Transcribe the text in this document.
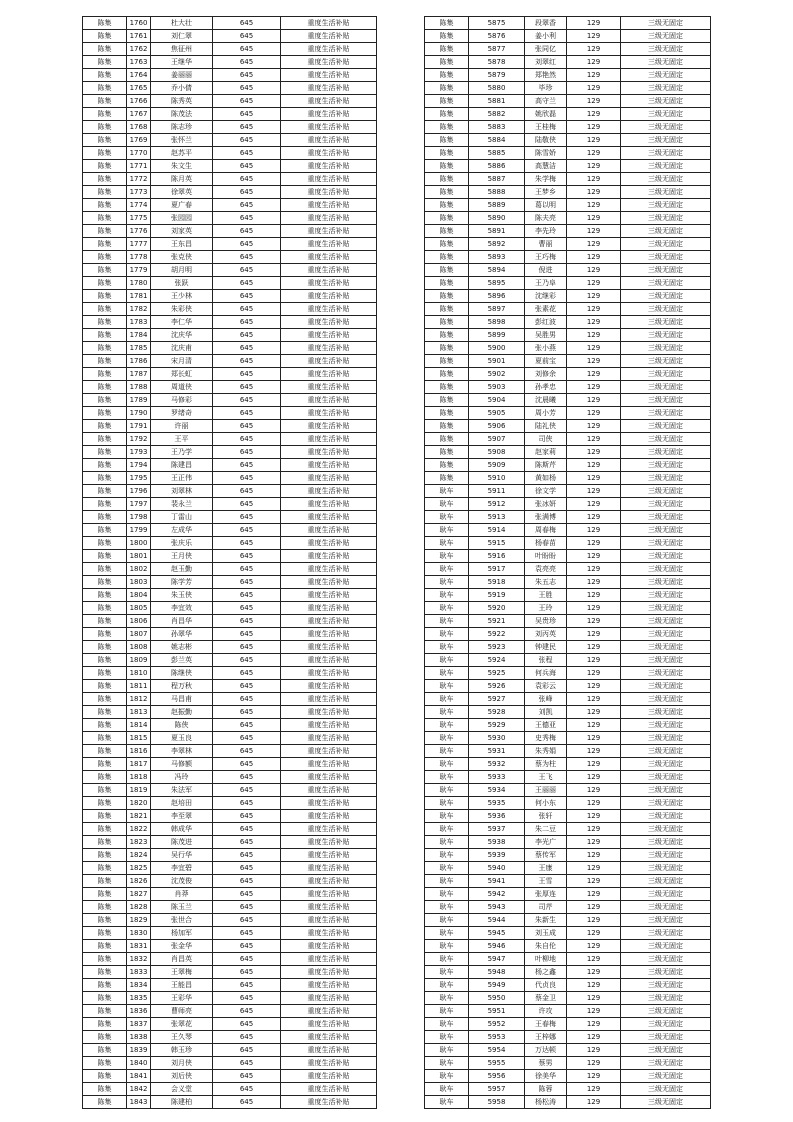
陈集	1760	杜大壮	645	重度生活补贴
陈集	1761	刘仁翠	645	重度生活补贴
陈集	1762	焦征州	645	重度生活补贴
陈集	1763	王继华	645	重度生活补贴
陈集	1764	姜丽丽	645	重度生活补贴
陈集	1765	乔小倩	645	重度生活补贴
陈集	1766	陈秀英	645	重度生活补贴
陈集	1767	陈茂法	645	重度生活补贴
陈集	1768	陈志珍	645	重度生活补贴
陈集	1769	张怀兰	645	重度生活补贴
陈集	1770	赵苏平	645	重度生活补贴
陈集	1771	朱文生	645	重度生活补贴
陈集	1772	陈月英	645	重度生活补贴
陈集	1773	徐翠英	645	重度生活补贴
陈集	1774	夏广春	645	重度生活补贴
陈集	1775	张园园	645	重度生活补贴
陈集	1776	刘家英	645	重度生活补贴
陈集	1777	王东昌	645	重度生活补贴
陈集	1778	张克侠	645	重度生活补贴
陈集	1779	胡月明	645	重度生活补贴
陈集	1780	张跃	645	重度生活补贴
陈集	1781	王少林	645	重度生活补贴
陈集	1782	朱彩侠	645	重度生活补贴
陈集	1783	李仁华	645	重度生活补贴
陈集	1784	沈庆华	645	重度生活补贴
陈集	1785	沈庆甫	645	重度生活补贴
陈集	1786	宋月清	645	重度生活补贴
陈集	1787	郑长虹	645	重度生活补贴
陈集	1788	周道侠	645	重度生活补贴
陈集	1789	马修彩	645	重度生活补贴
陈集	1790	罗绪奇	645	重度生活补贴
陈集	1791	许丽	645	重度生活补贴
陈集	1792	王平	645	重度生活补贴
陈集	1793	王乃学	645	重度生活补贴
陈集	1794	陈建昌	645	重度生活补贴
陈集	1795	王正伟	645	重度生活补贴
陈集	1796	刘翠林	645	重度生活补贴
陈集	1797	裴永兰	645	重度生活补贴
陈集	1798	丁雷山	645	重度生活补贴
陈集	1799	左成华	645	重度生活补贴
陈集	1800	张庆乐	645	重度生活补贴
陈集	1801	王月侠	645	重度生活补贴
陈集	1802	赵玉勤	645	重度生活补贴
陈集	1803	陈学芳	645	重度生活补贴
陈集	1804	朱玉侠	645	重度生活补贴
陈集	1805	李宜效	645	重度生活补贴
陈集	1806	肖昌华	645	重度生活补贴
陈集	1807	孙翠华	645	重度生活补贴
陈集	1808	姚志彬	645	重度生活补贴
陈集	1809	彭兰英	645	重度生活补贴
陈集	1810	陈继侠	645	重度生活补贴
陈集	1811	程万秋	645	重度生活补贴
陈集	1812	马昌甫	645	重度生活补贴
陈集	1813	赵振勤	645	重度生活补贴
陈集	1814	陈侠	645	重度生活补贴
陈集	1815	夏玉良	645	重度生活补贴
陈集	1816	李翠林	645	重度生活补贴
陈集	1817	马修额	645	重度生活补贴
陈集	1818	冯玲	645	重度生活补贴
陈集	1819	朱法军	645	重度生活补贴
陈集	1820	赵培田	645	重度生活补贴
陈集	1821	李至翠	645	重度生活补贴
陈集	1822	韩成华	645	重度生活补贴
陈集	1823	陈茂进	645	重度生活补贴
陈集	1824	吴行华	645	重度生活补贴
陈集	1825	李宜碧	645	重度生活补贴
陈集	1826	沈茂俊	645	重度生活补贴
陈集	1827	肖莽	645	重度生活补贴
陈集	1828	陈玉兰	645	重度生活补贴
陈集	1829	张世合	645	重度生活补贴
陈集	1830	杨加军	645	重度生活补贴
陈集	1831	张金华	645	重度生活补贴
陈集	1832	肖昌英	645	重度生活补贴
陈集	1833	王翠梅	645	重度生活补贴
陈集	1834	王能昌	645	重度生活补贴
陈集	1835	王彩华	645	重度生活补贴
陈集	1836	曹师亮	645	重度生活补贴
陈集	1837	张翠花	645	重度生活补贴
陈集	1838	王久琴	645	重度生活补贴
陈集	1839	韩玉珍	645	重度生活补贴
陈集	1840	刘月侠	645	重度生活补贴
陈集	1841	刘后侠	645	重度生活补贴
陈集	1842	会义堂	645	重度生活补贴
陈集	1843	陈建柏	645	重度生活补贴
陈集	5875	段翠香	129	三级无固定
陈集	5876	姜小利	129	三级无固定
陈集	5877	张同亿	129	三级无固定
陈集	5878	刘翠红	129	三级无固定
陈集	5879	郑艳然	129	三级无固定
陈集	5880	毕珍	129	三级无固定
陈集	5881	高守兰	129	三级无固定
陈集	5882	姚欣磊	129	三级无固定
陈集	5883	王桂梅	129	三级无固定
陈集	5884	陆敬侠	129	三级无固定
陈集	5885	陈雪娇	129	三级无固定
陈集	5886	高慧洁	129	三级无固定
陈集	5887	朱学梅	129	三级无固定
陈集	5888	王梦乡	129	三级无固定
陈集	5889	葛以明	129	三级无固定
陈集	5890	陈夫亮	129	三级无固定
陈集	5891	李先玲	129	三级无固定
陈集	5892	曹丽	129	三级无固定
陈集	5893	王巧梅	129	三级无固定
陈集	5894	倪进	129	三级无固定
陈集	5895	王乃阜	129	三级无固定
陈集	5896	沈继彩	129	三级无固定
陈集	5897	张素花	129	三级无固定
陈集	5898	彭红波	129	三级无固定
陈集	5899	吴胜男	129	三级无固定
陈集	5900	张小燕	129	三级无固定
陈集	5901	夏前宝	129	三级无固定
陈集	5902	刘修余	129	三级无固定
陈集	5903	孙孝忠	129	三级无固定
陈集	5904	沈晨曦	129	三级无固定
陈集	5905	周小芳	129	三级无固定
陈集	5906	陆礼侠	129	三级无固定
陈集	5907	司侠	129	三级无固定
陈集	5908	赵家莉	129	三级无固定
陈集	5909	陈斯芹	129	三级无固定
陈集	5910	黄如杨	129	三级无固定
耿车	5911	徐文学	129	三级无固定
耿车	5912	张冰妍	129	三级无固定
耿车	5913	张满博	129	三级无固定
耿车	5914	周春梅	129	三级无固定
耿车	5915	杨春苗	129	三级无固定
耿车	5916	叶盼盼	129	三级无固定
耿车	5917	袁亮亮	129	三级无固定
耿车	5918	朱五志	129	三级无固定
耿车	5919	王胜	129	三级无固定
耿车	5920	王玲	129	三级无固定
耿车	5921	吴贵珍	129	三级无固定
耿车	5922	刘丙英	129	三级无固定
耿车	5923	钟建民	129	三级无固定
耿车	5924	张程	129	三级无固定
耿车	5925	何兵海	129	三级无固定
耿车	5926	袁彩云	129	三级无固定
耿车	5927	张峰	129	三级无固定
耿车	5928	刘凯	129	三级无固定
耿车	5929	王德亚	129	三级无固定
耿车	5930	史秀梅	129	三级无固定
耿车	5931	朱秀娟	129	三级无固定
耿车	5932	蔡为柱	129	三级无固定
耿车	5933	王飞	129	三级无固定
耿车	5934	王丽丽	129	三级无固定
耿车	5935	何小东	129	三级无固定
耿车	5936	张轩	129	三级无固定
耿车	5937	朱二豆	129	三级无固定
耿车	5938	李光广	129	三级无固定
耿车	5939	蔡传军	129	三级无固定
耿车	5940	王康	129	三级无固定
耿车	5941	王雪	129	三级无固定
耿车	5942	张厚连	129	三级无固定
耿车	5943	司芹	129	三级无固定
耿车	5944	朱新生	129	三级无固定
耿车	5945	刘玉成	129	三级无固定
耿车	5946	朱自伦	129	三级无固定
耿车	5947	叶柳地	129	三级无固定
耿车	5948	杨之鑫	129	三级无固定
耿车	5949	代贞良	129	三级无固定
耿车	5950	蔡金卫	129	三级无固定
耿车	5951	许攻	129	三级无固定
耿车	5952	王春梅	129	三级无固定
耿车	5953	王梓娜	129	三级无固定
耿车	5954	万达顿	129	三级无固定
耿车	5955	蔡男	129	三级无固定
耿车	5956	徐美华	129	三级无固定
耿车	5957	陈蓉	129	三级无固定
耿车	5958	杨松涛	129	三级无固定
